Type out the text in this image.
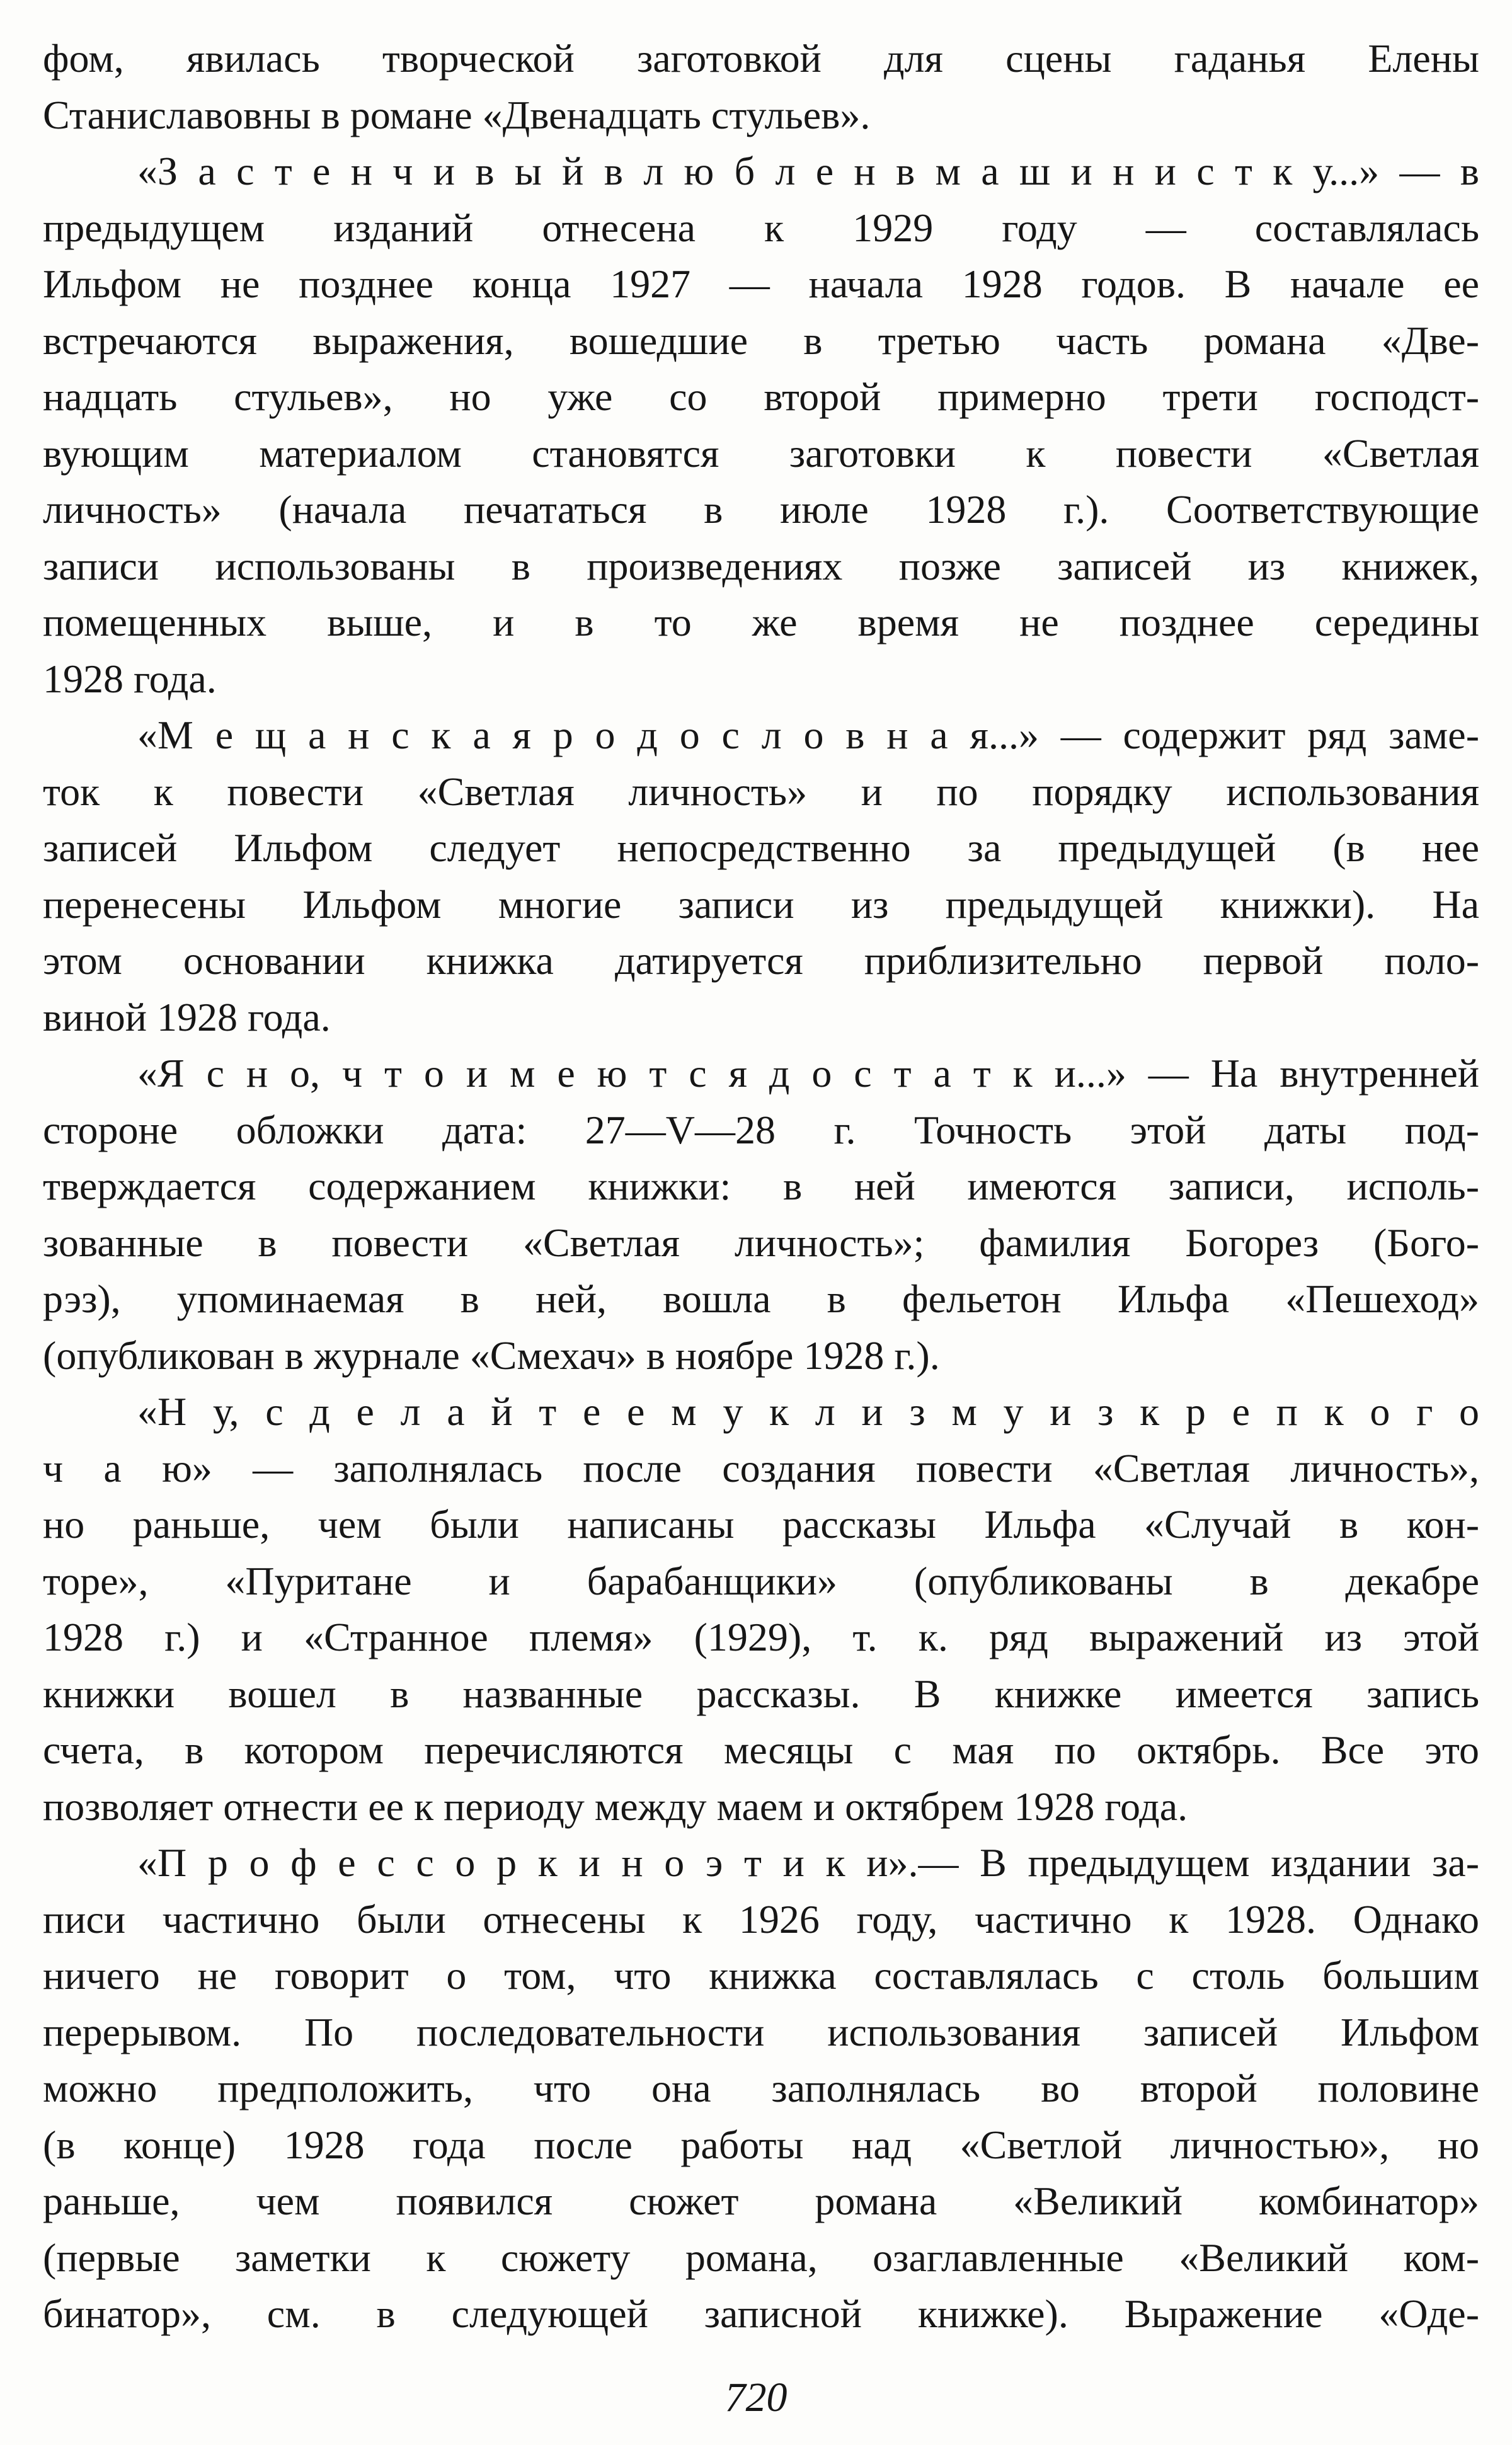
фом, явилась творческой заготовкой для сцены гаданья Елены
Станиславовны в романе «Двенадцать стульев».
«З а с т е н ч и в ы й в л ю б л е н в м а ш и н и с т к у...» — в
предыдущем изданий отнесена к 1929 году — составлялась
Ильфом не позднее конца 1927 — начала 1928 годов. В начале ее
встречаются выражения, вошедшие в третью часть романа «Две-
надцать стульев», но уже со второй примерно трети господст-
вующим материалом становятся заготовки к повести «Светлая
личность» (начала печататься в июле 1928 г.). Соответствующие
записи использованы в произведениях позже записей из книжек,
помещенных выше, и в то же время не позднее середины
1928 года.
«М е щ а н с к а я р о д о с л о в н а я...» — содержит ряд заме-
ток к повести «Светлая личность» и по порядку использования
записей Ильфом следует непосредственно за предыдущей (в нее
перенесены Ильфом многие записи из предыдущей книжки). На
этом основании книжка датируется приблизительно первой поло-
виной 1928 года.
«Я с н о, ч т о и м е ю т с я д о с т а т к и...» — На внутренней
стороне обложки дата: 27—V—28 г. Точность этой даты под-
тверждается содержанием книжки: в ней имеются записи, исполь-
зованные в повести «Светлая личность»; фамилия Богорез (Бого-
рэз), упоминаемая в ней, вошла в фельетон Ильфа «Пешеход»
(опубликован в журнале «Смехач» в ноябре 1928 г.).
«Н у, с д е л а й т е е м у к л и з м у и з к р е п к о г о
ч а ю» — заполнялась после создания повести «Светлая личность»,
но раньше, чем были написаны рассказы Ильфа «Случай в кон-
торе», «Пуритане и барабанщики» (опубликованы в декабре
1928 г.) и «Странное племя» (1929), т. к. ряд выражений из этой
книжки вошел в названные рассказы. В книжке имеется запись
счета, в котором перечисляются месяцы с мая по октябрь. Все это
позволяет отнести ее к периоду между маем и октябрем 1928 года.
«П р о ф е с с о р к и н о э т и к и».— В предыдущем издании за-
писи частично были отнесены к 1926 году, частично к 1928. Однако
ничего не говорит о том, что книжка составлялась с столь большим
перерывом. По последовательности использования записей Ильфом
можно предположить, что она заполнялась во второй половине
(в конце) 1928 года после работы над «Светлой личностью», но
раньше, чем появился сюжет романа «Великий комбинатор»
(первые заметки к сюжету романа, озаглавленные «Великий ком-
бинатор», см. в следующей записной книжке). Выражение «Оде-
720
